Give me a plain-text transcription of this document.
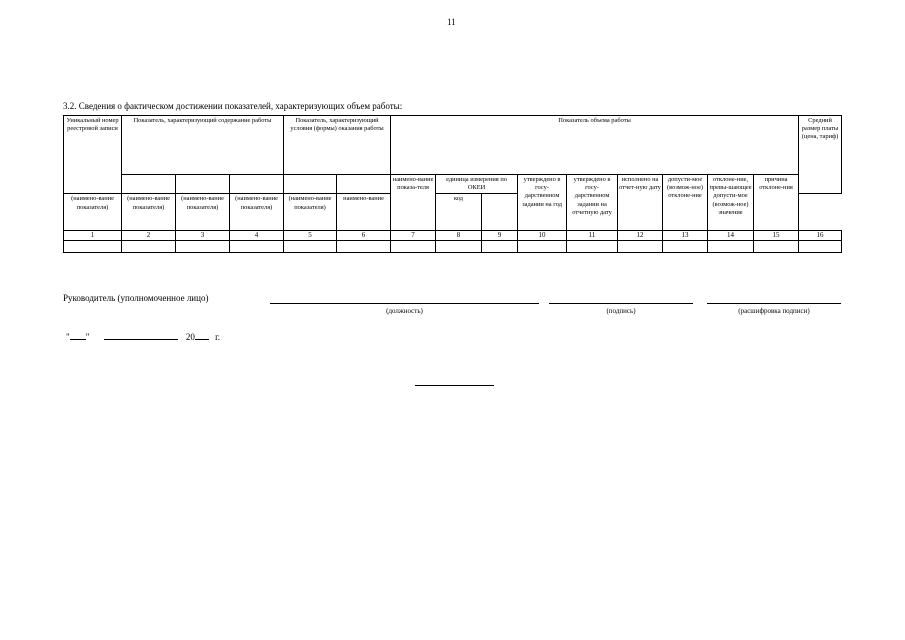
11
3.2. Сведения о фактическом достижении показателей, характеризующих объем работы:
Уникальный номер реестровой записи	Показатель, характеризующий содержание работы			Показатель, характеризующий условия (формы) оказания работы		Показатель объема работы									Средний размер платы (цена, тариф)

						наимено-вание показа-теля	единица измерения по ОКЕИ		утверждено в госу-дарственном задании на год	утверждено в госу-дарственном задании на отчетную дату	исполнено на отчет-ную дату	допусти-мое (возмож-ное) отклоне-ние	отклоне-ние, превы-шающее допусти-мое (возмож-ное) значение	причина отклоне-ния	
(наимено-вание показателя)	(наимено-вание показателя)	(наимено-вание показателя)	(наимено-вание показателя)	(наимено-вание показателя)	наимено-вание		код								
1	2	3	4	5	6	7	8	9	10	11	12	13	14	15	16

Руководитель (уполномоченное лицо)
(должность)	(подпись)	(расшифровка подписи)
" "	20 г.
